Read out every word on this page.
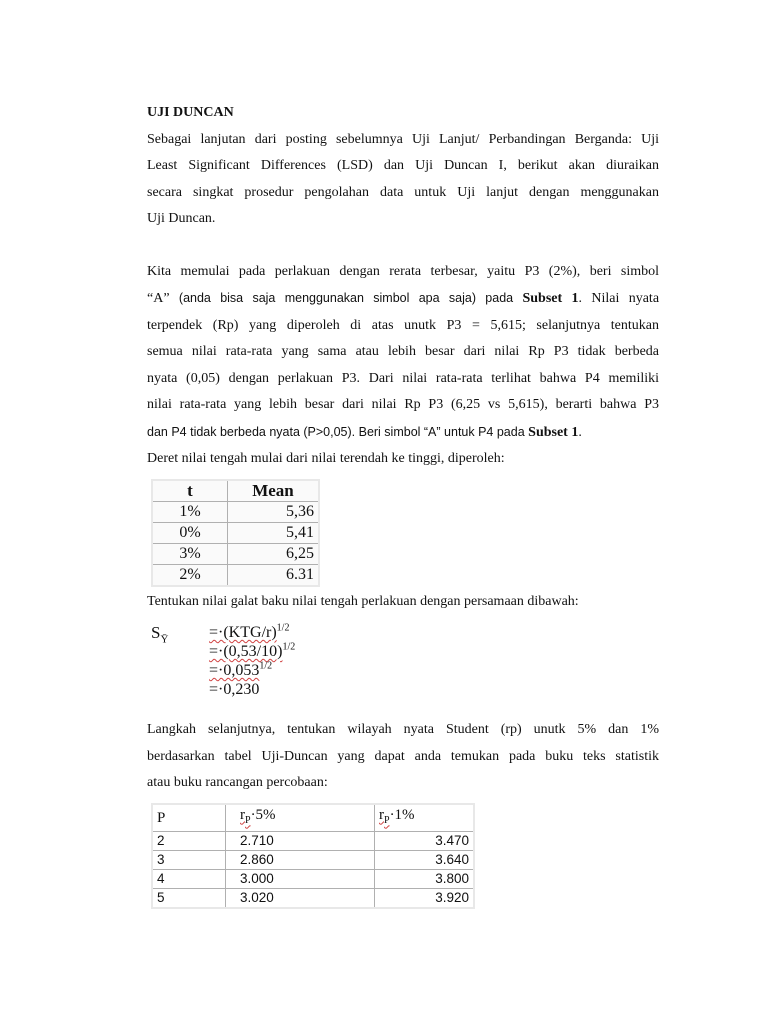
UJI DUNCAN

Sebagai lanjutan dari posting sebelumnya Uji Lanjut/ Perbandingan Berganda: Uji

Least Significant Differences (LSD) dan Uji Duncan I, berikut akan diuraikan

secara singkat prosedur pengolahan data untuk Uji lanjut dengan menggunakan

Uji Duncan.

Kita memulai pada perlakuan dengan rerata terbesar, yaitu P3 (2%), beri simbol

“A” (anda bisa saja menggunakan simbol apa saja) pada Subset 1. Nilai nyata

terpendek (Rp) yang diperoleh di atas unutk P3 = 5,615; selanjutnya tentukan

semua nilai rata-rata yang sama atau lebih besar dari nilai Rp P3 tidak berbeda

nyata (0,05) dengan perlakuan P3. Dari nilai rata-rata terlihat bahwa P4 memiliki

nilai rata-rata yang lebih besar dari nilai Rp P3 (6,25 vs 5,615), berarti bahwa P3

dan P4 tidak berbeda nyata (P>0,05). Beri simbol “A” untuk P4 pada Subset 1.

Deret nilai tengah mulai dari nilai terendah ke tinggi, diperoleh:

t	Mean
1%	5,36
0%	5,41
3%	6,25
2%	6.31

Tentukan nilai galat baku nilai tengah perlakuan dengan persamaan dibawah:

$S_Ȳ$	$=\cdot(KTG/r)^{1/2}$
$=\cdot(0,53/10)^{1/2}$
$=\cdot 0,053^{1/2}$
=·0,230

Langkah selanjutnya, tentukan wilayah nyata Student (rp) unutk 5% dan 1%

berdasarkan tabel Uji-Duncan yang dapat anda temukan pada buku teks statistik

atau buku rancangan percobaan:

P	$r_P\cdot 5\%$	$r_P\cdot 1\%$
2	2.710	3.470
3	2.860	3.640
4	3.000	3.800
5	3.020	3.920
